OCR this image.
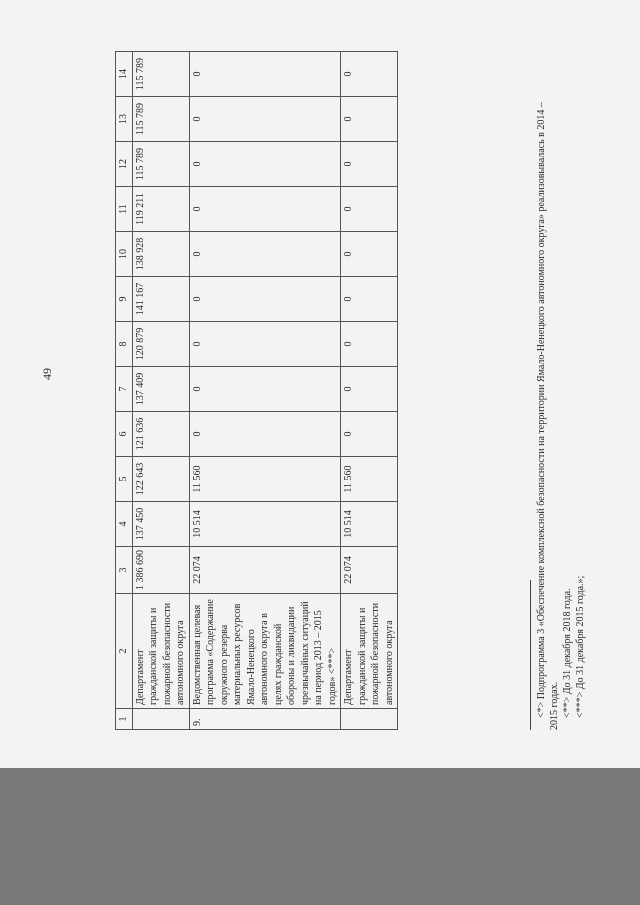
49
1	2	3	4	5	6	7	8	9	10	11	12	13	14
	Департамент гражданской защиты и пожарной безопасности автономного округа	1 386 690	137 450	122 643	121 636	137 409	120 879	141 167	138 928	119 211	115 789	115 789	115 789
9.	Ведомственная целевая программа «Содержание окружного резерва материальных ресурсов Ямало-Ненецкого автономного округа в целях гражданской обороны и ликвидации чрезвычайных ситуаций на период 2013 – 2015 годов» <***>	22 074	10 514	11 560	0	0	0	0	0	0	0	0	0
	Департамент гражданской защиты и пожарной безопасности автономного округа	22 074	10 514	11 560	0	0	0	0	0	0	0	0	0
<*> Подпрограмма 3 «Обеспечение комплексной безопасности на территории Ямало-Ненецкого автономного округа» реализовывалась в 2014 – 2015 годах. <**> До 31 декабря 2018 года. <***> До 31 декабря 2015 года.»;
